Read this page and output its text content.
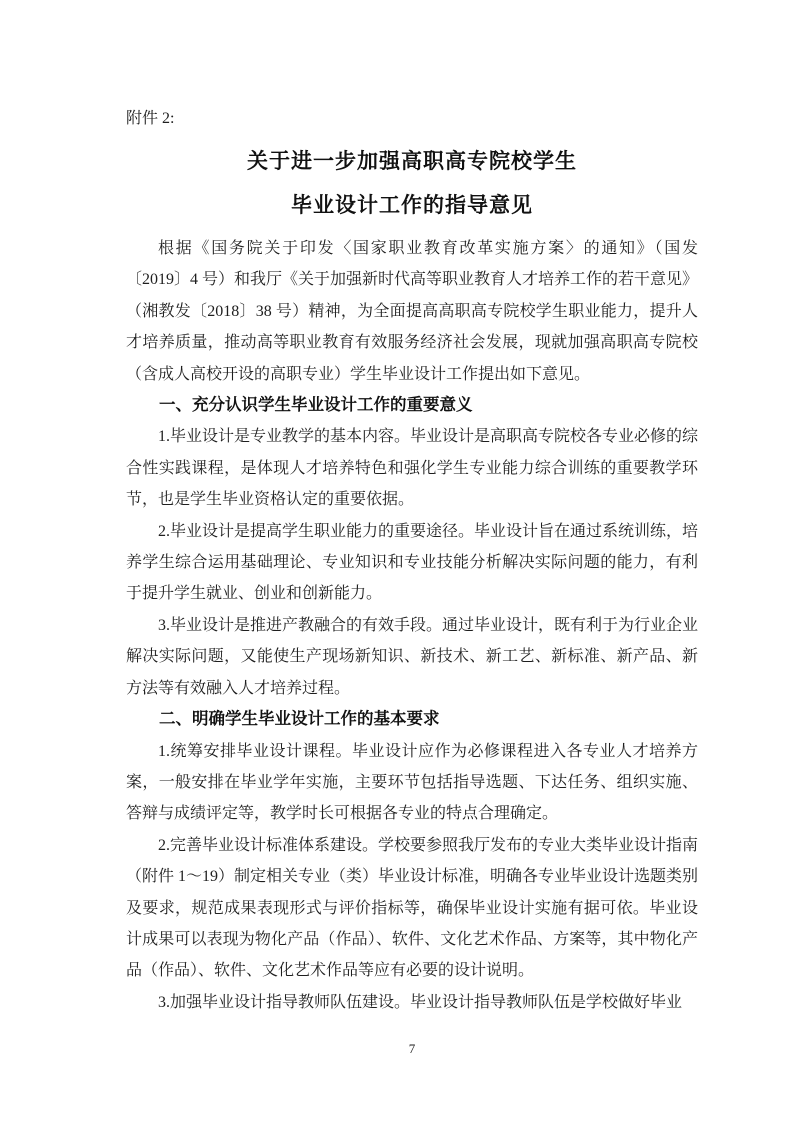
附件 2:
关于进一步加强高职高专院校学生
毕业设计工作的指导意见

根据《国务院关于印发〈国家职业教育改革实施方案〉的通知》（国发〔2019〕4 号）和我厅《关于加强新时代高等职业教育人才培养工作的若干意见》（湘教发〔2018〕38 号）精神，为全面提高高职高专院校学生职业能力，提升人才培养质量，推动高等职业教育有效服务经济社会发展，现就加强高职高专院校（含成人高校开设的高职专业）学生毕业设计工作提出如下意见。

一、充分认识学生毕业设计工作的重要意义

1.毕业设计是专业教学的基本内容。毕业设计是高职高专院校各专业必修的综合性实践课程，是体现人才培养特色和强化学生专业能力综合训练的重要教学环节，也是学生毕业资格认定的重要依据。

2.毕业设计是提高学生职业能力的重要途径。毕业设计旨在通过系统训练，培养学生综合运用基础理论、专业知识和专业技能分析解决实际问题的能力，有利于提升学生就业、创业和创新能力。

3.毕业设计是推进产教融合的有效手段。通过毕业设计，既有利于为行业企业解决实际问题，又能使生产现场新知识、新技术、新工艺、新标准、新产品、新方法等有效融入人才培养过程。

二、明确学生毕业设计工作的基本要求

1.统筹安排毕业设计课程。毕业设计应作为必修课程进入各专业人才培养方案，一般安排在毕业学年实施，主要环节包括指导选题、下达任务、组织实施、答辩与成绩评定等，教学时长可根据各专业的特点合理确定。

2.完善毕业设计标准体系建设。学校要参照我厅发布的专业大类毕业设计指南（附件 1～19）制定相关专业（类）毕业设计标准，明确各专业毕业设计选题类别及要求，规范成果表现形式与评价指标等，确保毕业设计实施有据可依。毕业设计成果可以表现为物化产品（作品）、软件、文化艺术作品、方案等，其中物化产品（作品）、软件、文化艺术作品等应有必要的设计说明。

3.加强毕业设计指导教师队伍建设。毕业设计指导教师队伍是学校做好毕业

7
